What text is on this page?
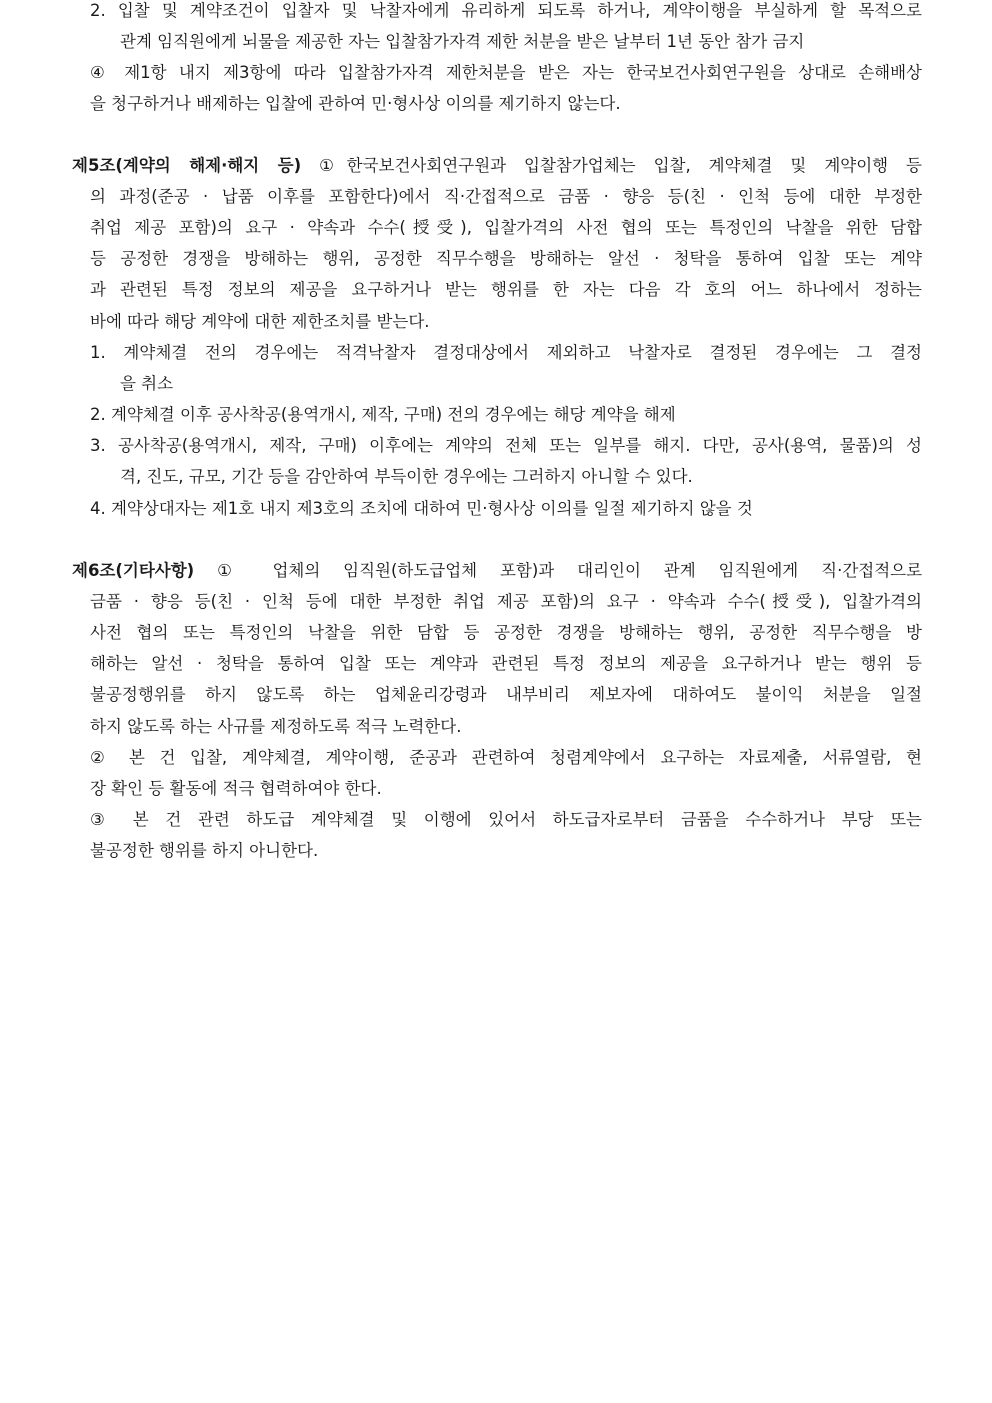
2. 입찰 및 계약조건이 입찰자 및 낙찰자에게 유리하게 되도록 하거나, 계약이행을 부실하게 할 목적으로
관계 임직원에게 뇌물을 제공한 자는 입찰참가자격 제한 처분을 받은 날부터 1년 동안 참가 금지
④ 제1항 내지 제3항에 따라 입찰참가자격 제한처분을 받은 자는 한국보건사회연구원을 상대로 손해배상
을 청구하거나 배제하는 입찰에 관하여 민·형사상 이의를 제기하지 않는다.
제5조(계약의 해제·해지 등) ①한국보건사회연구원과 입찰참가업체는 입찰, 계약체결 및 계약이행 등
의 과정(준공 · 납품 이후를 포함한다)에서 직·간접적으로 금품 · 향응 등(친 · 인척 등에 대한 부정한
취업 제공 포함)의 요구 · 약속과 수수(授受), 입찰가격의 사전 협의 또는 특정인의 낙찰을 위한 담합
등 공정한 경쟁을 방해하는 행위, 공정한 직무수행을 방해하는 알선 · 청탁을 통하여 입찰 또는 계약
과 관련된 특정 정보의 제공을 요구하거나 받는 행위를 한 자는 다음 각 호의 어느 하나에서 정하는
바에 따라 해당 계약에 대한 제한조치를 받는다.
1. 계약체결 전의 경우에는 적격낙찰자 결정대상에서 제외하고 낙찰자로 결정된 경우에는 그 결정
을 취소
2. 계약체결 이후 공사착공(용역개시, 제작, 구매) 전의 경우에는 해당 계약을 해제
3. 공사착공(용역개시, 제작, 구매) 이후에는 계약의 전체 또는 일부를 해지. 다만, 공사(용역, 물품)의 성
격, 진도, 규모, 기간 등을 감안하여 부득이한 경우에는 그러하지 아니할 수 있다.
4. 계약상대자는 제1호 내지 제3호의 조치에 대하여 민·형사상 이의를 일절 제기하지 않을 것
제6조(기타사항) ① 업체의 임직원(하도급업체 포함)과 대리인이 관계 임직원에게 직·간접적으로
금품 · 향응 등(친 · 인척 등에 대한 부정한 취업 제공 포함)의 요구 · 약속과 수수(授受), 입찰가격의
사전 협의 또는 특정인의 낙찰을 위한 담합 등 공정한 경쟁을 방해하는 행위, 공정한 직무수행을 방
해하는 알선 · 청탁을 통하여 입찰 또는 계약과 관련된 특정 정보의 제공을 요구하거나 받는 행위 등
불공정행위를 하지 않도록 하는 업체윤리강령과 내부비리 제보자에 대하여도 불이익 처분을 일절
하지 않도록 하는 사규를 제정하도록 적극 노력한다.
② 본 건 입찰, 계약체결, 계약이행, 준공과 관련하여 청렴계약에서 요구하는 자료제출, 서류열람, 현
장 확인 등 활동에 적극 협력하여야 한다.
③ 본 건 관련 하도급 계약체결 및 이행에 있어서 하도급자로부터 금품을 수수하거나 부당 또는
불공정한 행위를 하지 아니한다.
